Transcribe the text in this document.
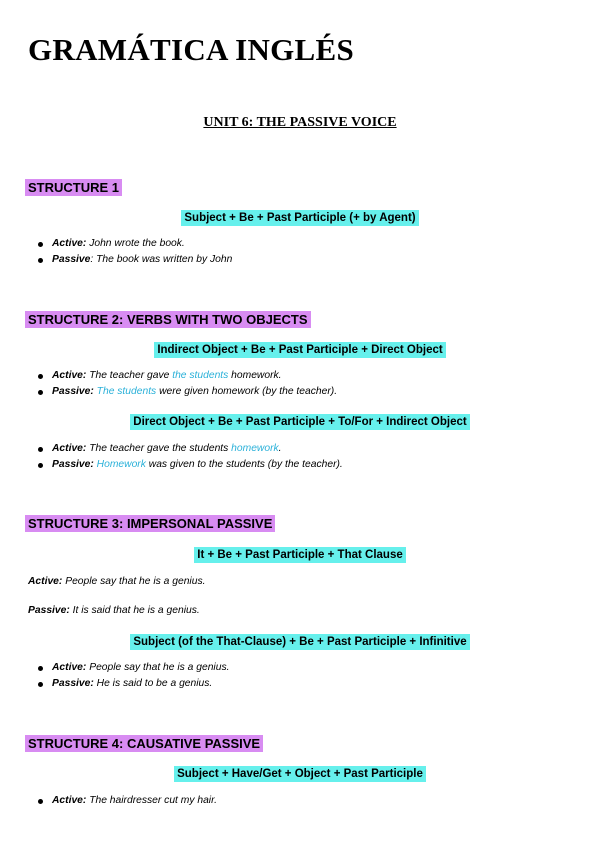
GRAMÁTICA INGLÉS
UNIT 6: THE PASSIVE VOICE
STRUCTURE 1
Subject + Be + Past Participle (+ by Agent)
Active: John wrote the book.
Passive: The book was written by John
STRUCTURE 2: VERBS WITH TWO OBJECTS
Indirect Object + Be + Past Participle + Direct Object
Active: The teacher gave the students homework.
Passive: The students were given homework (by the teacher).
Direct Object + Be + Past Participle + To/For + Indirect Object
Active: The teacher gave the students homework.
Passive: Homework was given to the students (by the teacher).
STRUCTURE 3: IMPERSONAL PASSIVE
It + Be + Past Participle + That Clause
Active: People say that he is a genius.
Passive: It is said that he is a genius.
Subject (of the That-Clause) + Be + Past Participle + Infinitive
Active: People say that he is a genius.
Passive: He is said to be a genius.
STRUCTURE 4: CAUSATIVE PASSIVE
Subject + Have/Get + Object + Past Participle
Active: The hairdresser cut my hair.
